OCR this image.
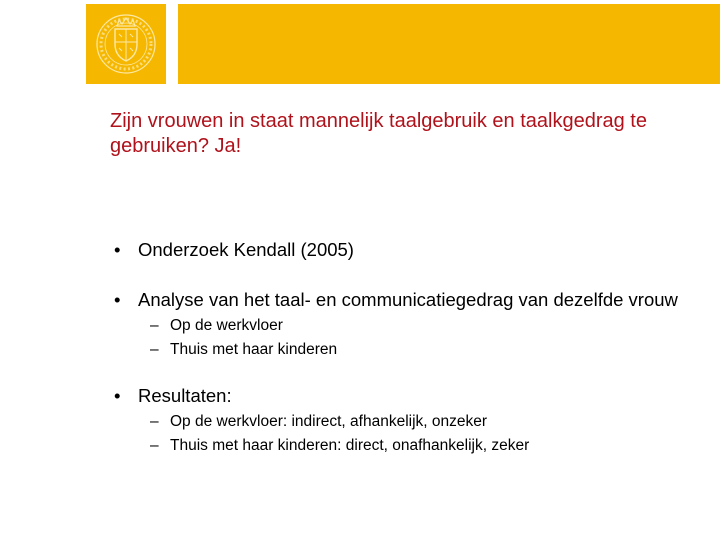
Zijn vrouwen in staat mannelijk taalgebruik en taalkgedrag te gebruiken? Ja!
• Onderzoek Kendall (2005)
• Analyse van het taal- en communicatiegedrag van dezelfde vrouw
– Op de werkvloer
– Thuis met haar kinderen
• Resultaten:
– Op de werkvloer: indirect, afhankelijk, onzeker
– Thuis met haar kinderen: direct, onafhankelijk, zeker
